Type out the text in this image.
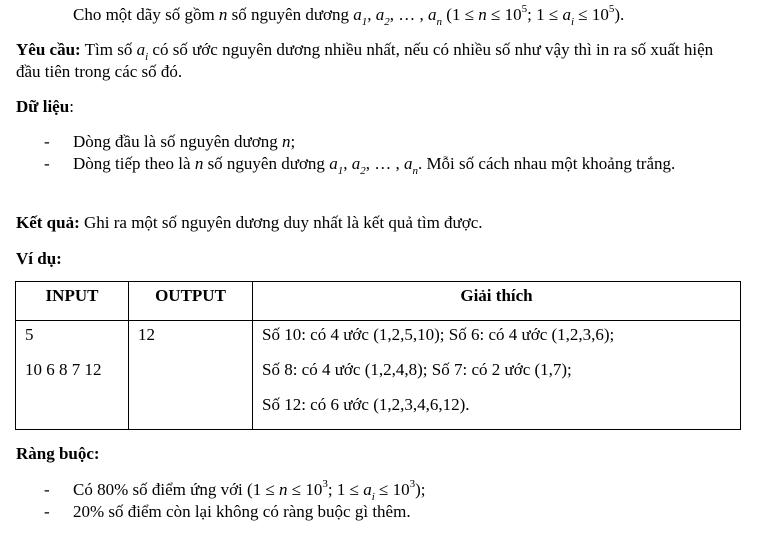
Cho một dãy số gồm n số nguyên dương $a_1$, $a_2$, … , $a_n$ ($1 \le n \le 10^5$; $1 \le a_i \le 10^5$).
Yêu cầu: Tìm số $a_i$ có số ước nguyên dương nhiều nhất, nếu có nhiều số như vậy thì in ra số xuất hiện đầu tiên trong các số đó.
Dữ liệu:
- Dòng đầu là số nguyên dương n;
- Dòng tiếp theo là n số nguyên dương $a_1$, $a_2$, … , $a_n$. Mỗi số cách nhau một khoảng trắng.
Kết quả: Ghi ra một số nguyên dương duy nhất là kết quả tìm được.
Ví dụ:
INPUT	OUTPUT	Giải thích

5
10 6 8 7 12	12	Số 10: có 4 ước (1,2,5,10); Số 6: có 4 ước (1,2,3,6);
Số 8: có 4 ước (1,2,4,8); Số 7: có 2 ước (1,7);
Số 12: có 6 ước (1,2,3,4,6,12).
Ràng buộc:
- Có 80% số điểm ứng với ($1 \le n \le 10^3$; $1 \le a_i \le 10^3$);
- 20% số điểm còn lại không có ràng buộc gì thêm.
